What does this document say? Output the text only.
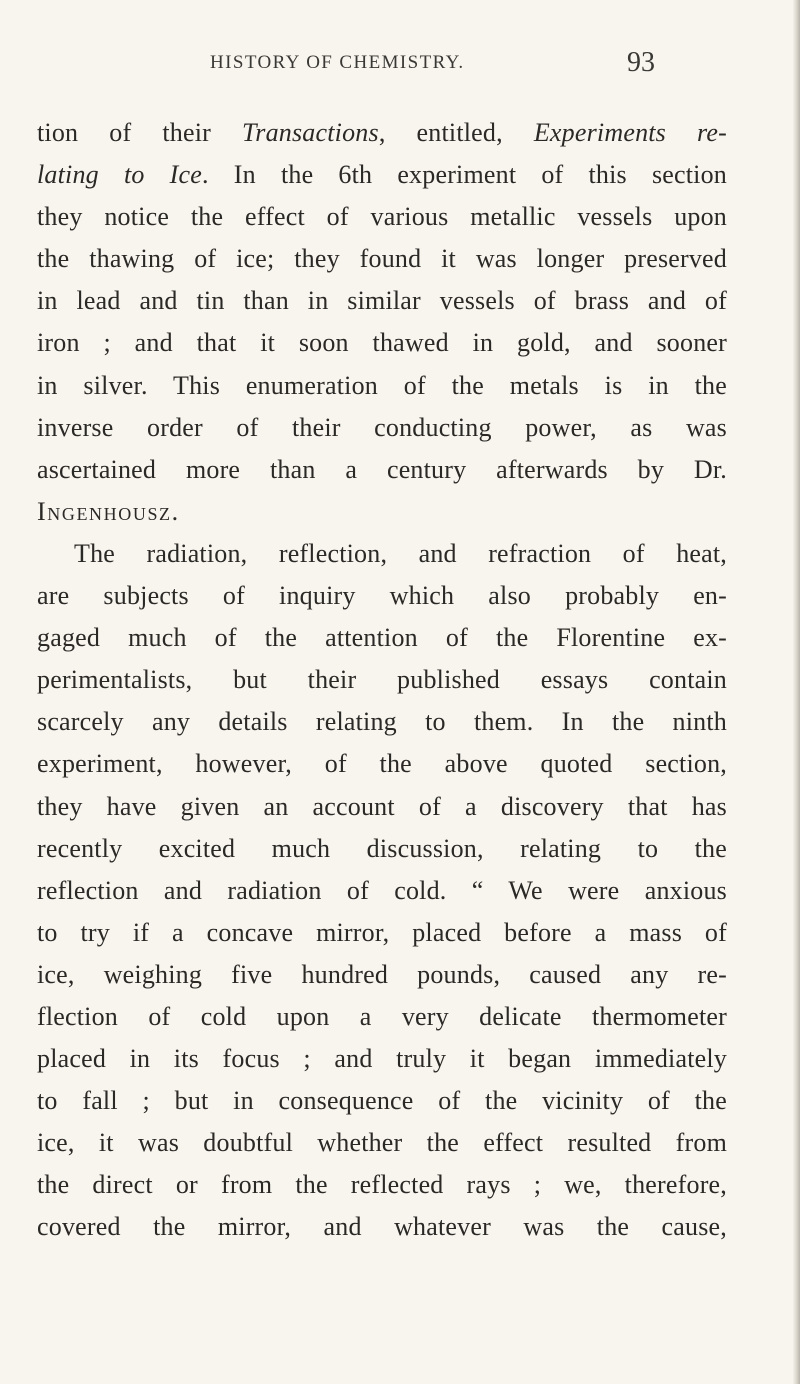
HISTORY OF CHEMISTRY.	93
tion of their Transactions, entitled, Experiments re-
lating to Ice. In the 6th experiment of this section
they notice the effect of various metallic vessels upon
the thawing of ice; they found it was longer preserved
in lead and tin than in similar vessels of brass and of
iron ; and that it soon thawed in gold, and sooner
in silver. This enumeration of the metals is in the
inverse order of their conducting power, as was
ascertained more than a century afterwards by Dr.
Ingenhousz.
The radiation, reflection, and refraction of heat,
are subjects of inquiry which also probably en-
gaged much of the attention of the Florentine ex-
perimentalists, but their published essays contain
scarcely any details relating to them. In the ninth
experiment, however, of the above quoted section,
they have given an account of a discovery that has
recently excited much discussion, relating to the
reflection and radiation of cold. “ We were anxious
to try if a concave mirror, placed before a mass of
ice, weighing five hundred pounds, caused any re-
flection of cold upon a very delicate thermometer
placed in its focus ; and truly it began immediately
to fall ; but in consequence of the vicinity of the
ice, it was doubtful whether the effect resulted from
the direct or from the reflected rays ; we, therefore,
covered the mirror, and whatever was the cause,
